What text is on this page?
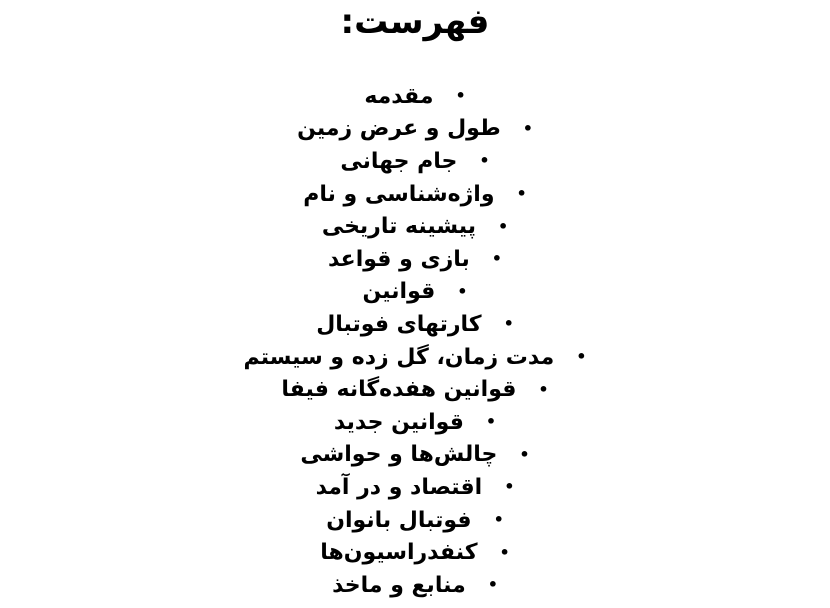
فهرست:
•
مقدمه
•
طول و عرض زمین
•
جام جهانی
•
واژه‌شناسی و نام
•
پیشینه تاریخی
•
بازی و قواعد
•
قوانین
•
کارتهای فوتبال
•
مدت زمان، گل زده و سیستم
•
قوانین هفده‌گانه فیفا
•
قوانین جدید
•
چالش‌ها و حواشی
•
اقتصاد و در آمد
•
فوتبال بانوان
•
کنفدراسیون‌ها
•
منابع و ماخذ
